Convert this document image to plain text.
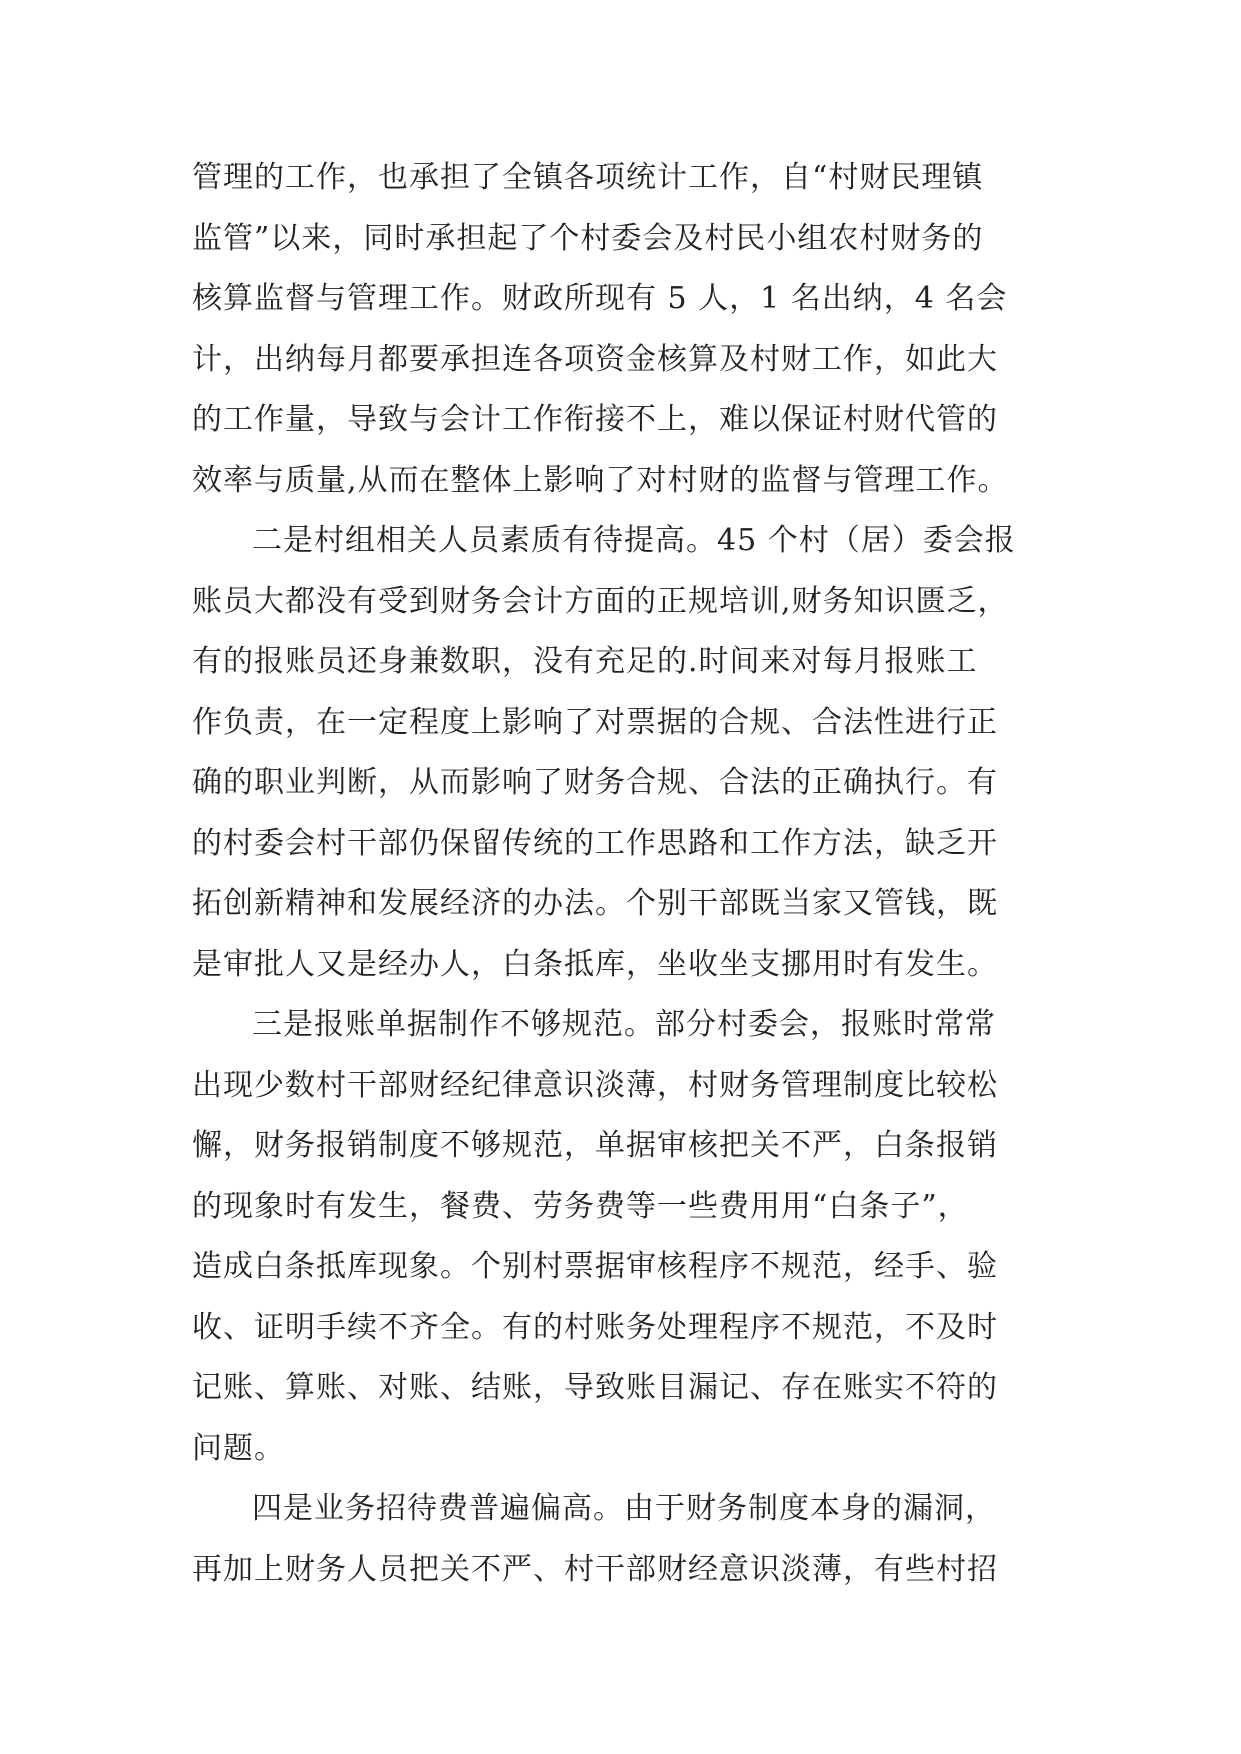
管理的工作，也承担了全镇各项统计工作，自“村财民理镇
监管”以来，同时承担起了个村委会及村民小组农村财务的
核算监督与管理工作。财政所现有 5 人，1 名出纳，4 名会
计，出纳每月都要承担连各项资金核算及村财工作，如此大
的工作量，导致与会计工作衔接不上，难以保证村财代管的
效率与质量,从而在整体上影响了对村财的监督与管理工作。

二是村组相关人员素质有待提高。45 个村（居）委会报
账员大都没有受到财务会计方面的正规培训,财务知识匮乏，
有的报账员还身兼数职，没有充足的.时间来对每月报账工
作负责，在一定程度上影响了对票据的合规、合法性进行正
确的职业判断，从而影响了财务合规、合法的正确执行。有
的村委会村干部仍保留传统的工作思路和工作方法，缺乏开
拓创新精神和发展经济的办法。个别干部既当家又管钱，既
是审批人又是经办人，白条抵库，坐收坐支挪用时有发生。

三是报账单据制作不够规范。部分村委会，报账时常常
出现少数村干部财经纪律意识淡薄，村财务管理制度比较松
懈，财务报销制度不够规范，单据审核把关不严，白条报销
的现象时有发生，餐费、劳务费等一些费用用“白条子”，
造成白条抵库现象。个别村票据审核程序不规范，经手、验
收、证明手续不齐全。有的村账务处理程序不规范，不及时
记账、算账、对账、结账，导致账目漏记、存在账实不符的
问题。

四是业务招待费普遍偏高。由于财务制度本身的漏洞，
再加上财务人员把关不严、村干部财经意识淡薄，有些村招
